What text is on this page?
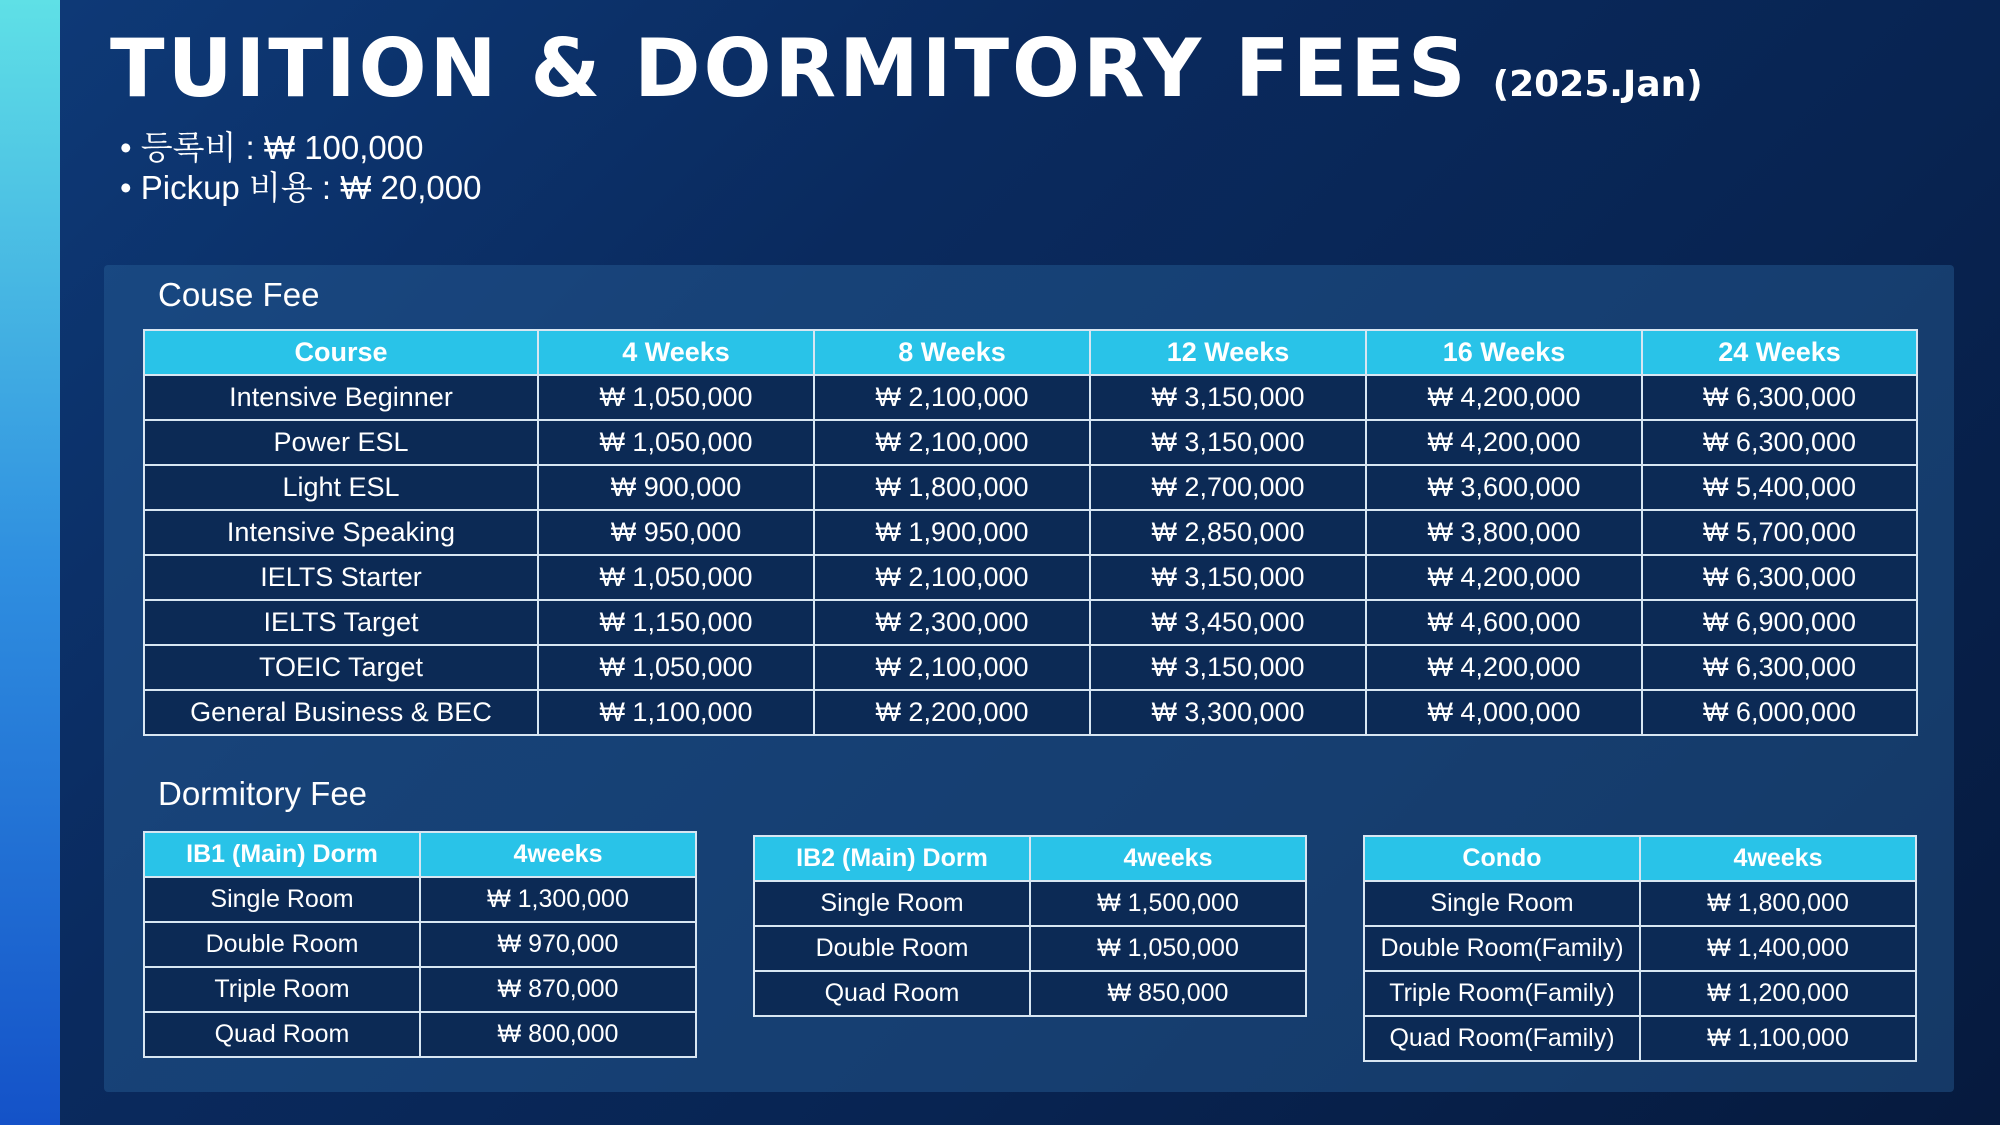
TUITION & DORMITORY FEES (2025.Jan)
• 등록비 : ₩ 100,000
• Pickup 비용 : ₩ 20,000
Couse Fee
Course	4 Weeks	8 Weeks	12 Weeks	16 Weeks	24 Weeks
Intensive Beginner	₩ 1,050,000	₩ 2,100,000	₩ 3,150,000	₩ 4,200,000	₩ 6,300,000
Power ESL	₩ 1,050,000	₩ 2,100,000	₩ 3,150,000	₩ 4,200,000	₩ 6,300,000
Light ESL	₩ 900,000	₩ 1,800,000	₩ 2,700,000	₩ 3,600,000	₩ 5,400,000
Intensive Speaking	₩ 950,000	₩ 1,900,000	₩ 2,850,000	₩ 3,800,000	₩ 5,700,000
IELTS Starter	₩ 1,050,000	₩ 2,100,000	₩ 3,150,000	₩ 4,200,000	₩ 6,300,000
IELTS Target	₩ 1,150,000	₩ 2,300,000	₩ 3,450,000	₩ 4,600,000	₩ 6,900,000
TOEIC Target	₩ 1,050,000	₩ 2,100,000	₩ 3,150,000	₩ 4,200,000	₩ 6,300,000
General Business & BEC	₩ 1,100,000	₩ 2,200,000	₩ 3,300,000	₩ 4,000,000	₩ 6,000,000
Dormitory Fee
IB1 (Main) Dorm	4weeks
Single Room	₩ 1,300,000
Double Room	₩ 970,000
Triple Room	₩ 870,000
Quad Room	₩ 800,000
IB2 (Main) Dorm	4weeks
Single Room	₩ 1,500,000
Double Room	₩ 1,050,000
Quad Room	₩ 850,000
Condo	4weeks
Single Room	₩ 1,800,000
Double Room(Family)	₩ 1,400,000
Triple Room(Family)	₩ 1,200,000
Quad Room(Family)	₩ 1,100,000
